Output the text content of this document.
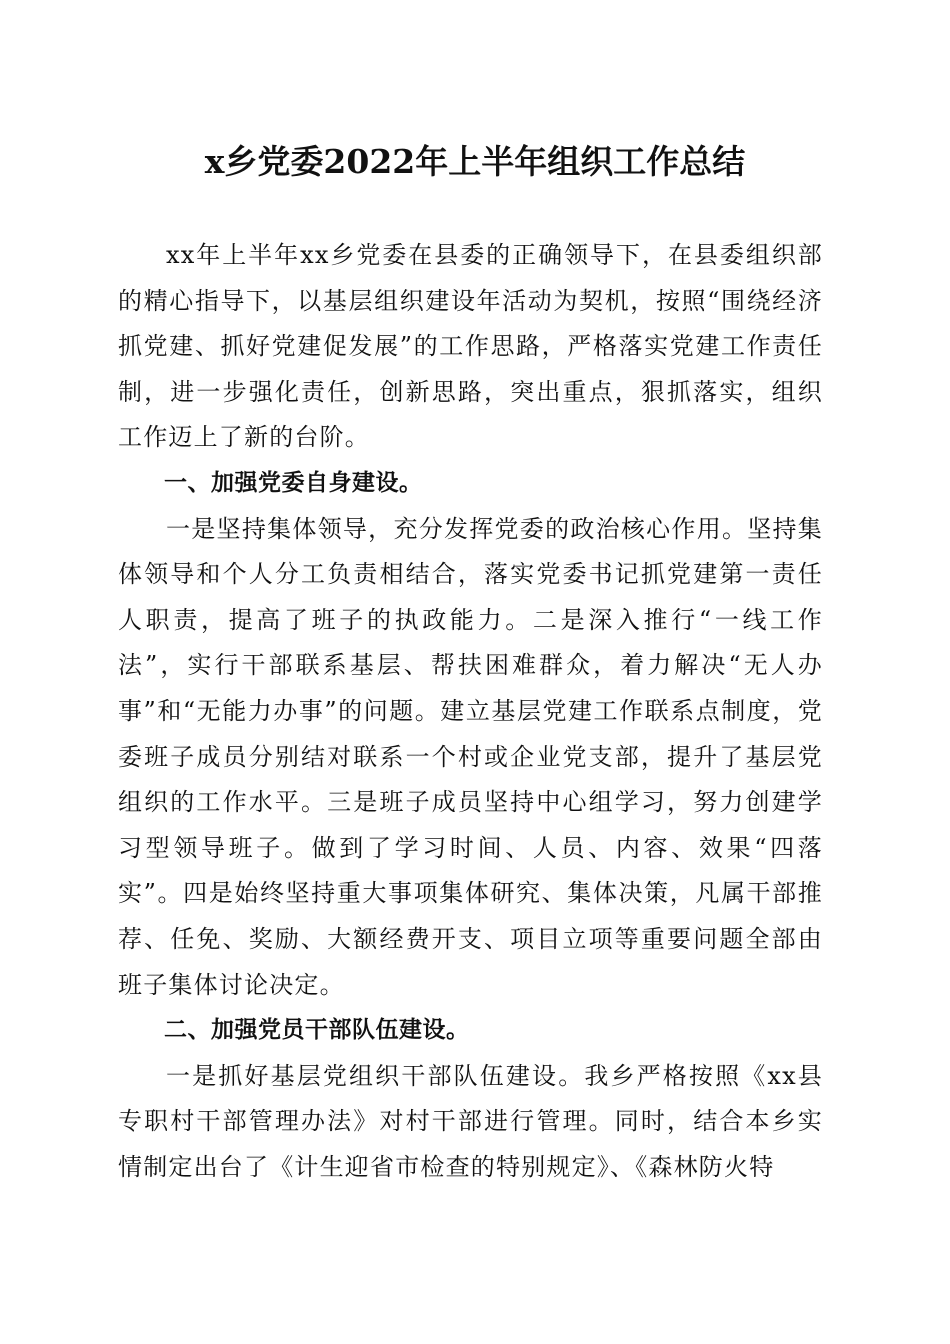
x乡党委2022年上半年组织工作总结

xx年上半年xx乡党委在县委的正确领导下，在县委组织部的精心指导下，以基层组织建设年活动为契机，按照“围绕经济抓党建、抓好党建促发展”的工作思路，严格落实党建工作责任制，进一步强化责任，创新思路，突出重点，狠抓落实，组织工作迈上了新的台阶。

一、加强党委自身建设。

一是坚持集体领导，充分发挥党委的政治核心作用。坚持集体领导和个人分工负责相结合，落实党委书记抓党建第一责任人职责，提高了班子的执政能力。二是深入推行“一线工作法”，实行干部联系基层、帮扶困难群众，着力解决“无人办事”和“无能力办事”的问题。建立基层党建工作联系点制度，党委班子成员分别结对联系一个村或企业党支部，提升了基层党组织的工作水平。三是班子成员坚持中心组学习，努力创建学习型领导班子。做到了学习时间、人员、内容、效果“四落实”。四是始终坚持重大事项集体研究、集体决策，凡属干部推荐、任免、奖励、大额经费开支、项目立项等重要问题全部由班子集体讨论决定。

二、加强党员干部队伍建设。

一是抓好基层党组织干部队伍建设。我乡严格按照《xx县专职村干部管理办法》对村干部进行管理。同时，结合本乡实情制定出台了《计生迎省市检查的特别规定》、《森林防火特
